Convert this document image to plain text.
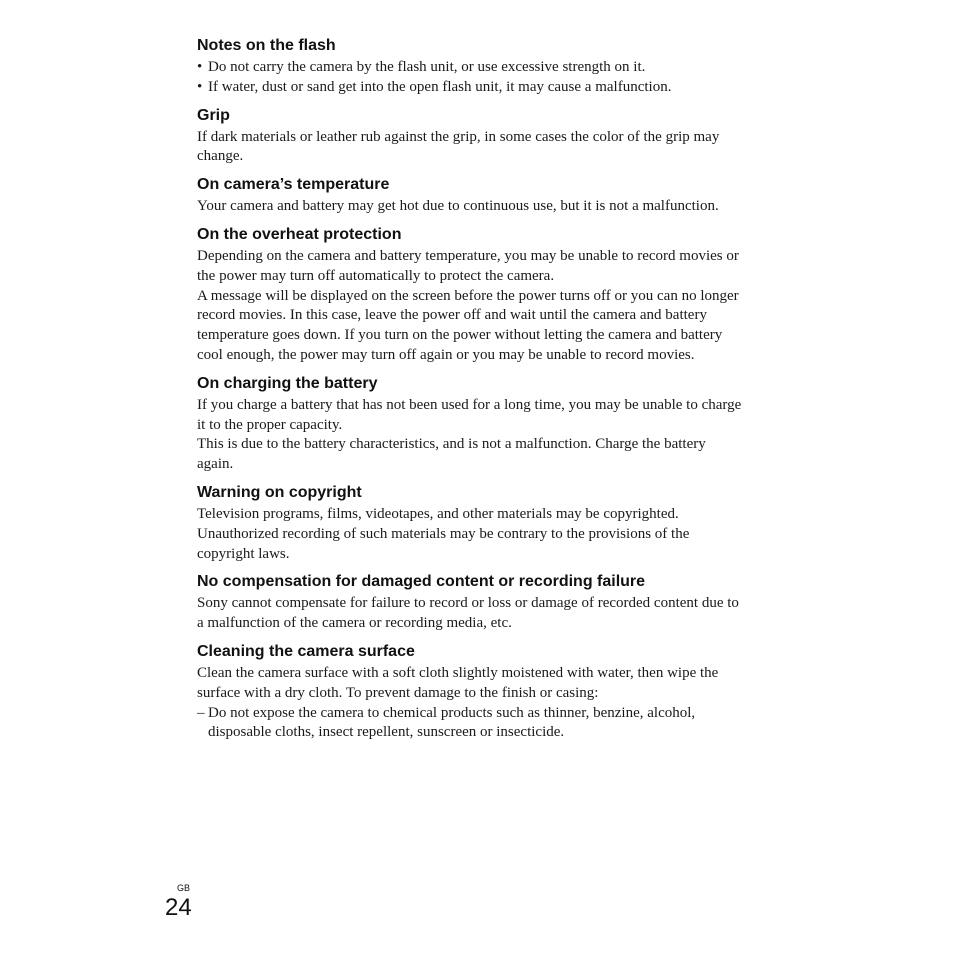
Notes on the flash
• Do not carry the camera by the flash unit, or use excessive strength on it.
• If water, dust or sand get into the open flash unit, it may cause a malfunction.
Grip

If dark materials or leather rub against the grip, in some cases the color of the grip may change.

On camera’s temperature

Your camera and battery may get hot due to continuous use, but it is not a malfunction.

On the overheat protection

Depending on the camera and battery temperature, you may be unable to record movies or the power may turn off automatically to protect the camera.

A message will be displayed on the screen before the power turns off or you can no longer record movies. In this case, leave the power off and wait until the camera and battery temperature goes down. If you turn on the power without letting the camera and battery cool enough, the power may turn off again or you may be unable to record movies.

On charging the battery

If you charge a battery that has not been used for a long time, you may be unable to charge it to the proper capacity.

This is due to the battery characteristics, and is not a malfunction. Charge the battery again.

Warning on copyright

Television programs, films, videotapes, and other materials may be copyrighted. Unauthorized recording of such materials may be contrary to the provisions of the copyright laws.

No compensation for damaged content or recording failure

Sony cannot compensate for failure to record or loss or damage of recorded content due to a malfunction of the camera or recording media, etc.

Cleaning the camera surface

Clean the camera surface with a soft cloth slightly moistened with water, then wipe the surface with a dry cloth. To prevent damage to the finish or casing:

– Do not expose the camera to chemical products such as thinner, benzine, alcohol, disposable cloths, insect repellent, sunscreen or insecticide.
GB
24
